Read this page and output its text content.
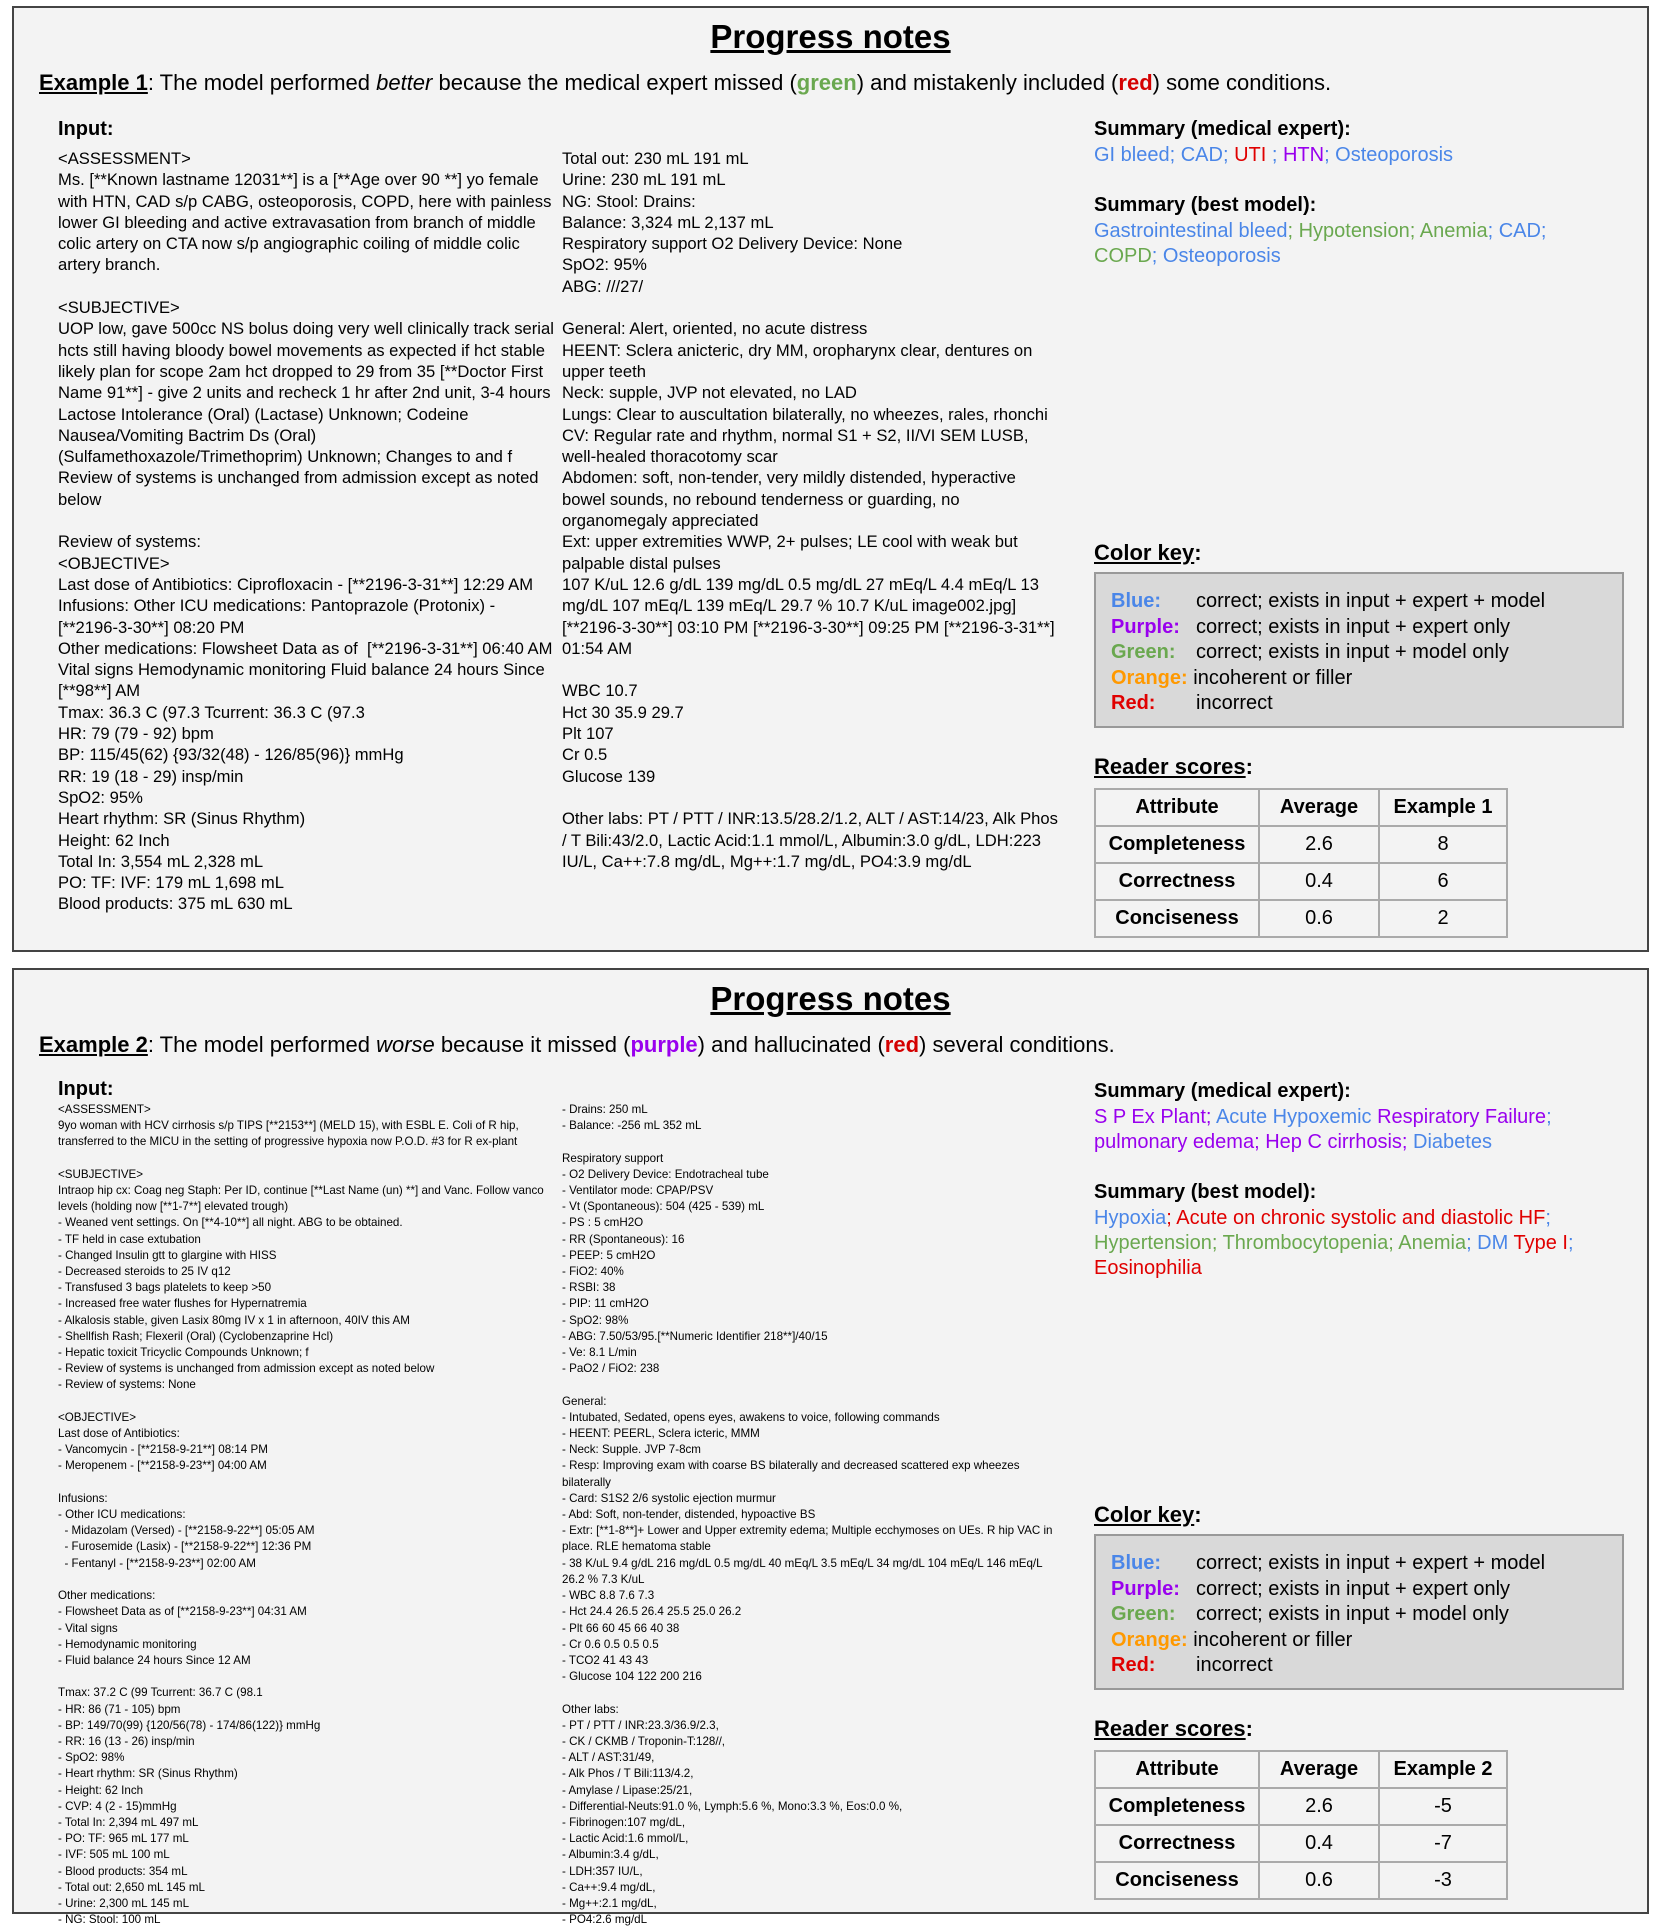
Progress notes
Example 1: The model performed better because the medical expert missed (green) and mistakenly included (red) some conditions.
Input:
<ASSESSMENT>
Ms. [**Known lastname 12031**] is a [**Age over 90 **] yo female with HTN, CAD s/p CABG, osteoporosis, COPD, here with painless lower GI bleeding and active extravasation from branch of middle colic artery on CTA now s/p angiographic coiling of middle colic artery branch.

<SUBJECTIVE>
UOP low, gave 500cc NS bolus doing very well clinically track serial hcts still having bloody bowel movements as expected if hct stable likely plan for scope 2am hct dropped to 29 from 35 [**Doctor First Name 91**] - give 2 units and recheck 1 hr after 2nd unit, 3-4 hours Lactose Intolerance (Oral) (Lactase) Unknown; Codeine Nausea/Vomiting Bactrim Ds (Oral) (Sulfamethoxazole/Trimethoprim) Unknown; Changes to and f Review of systems is unchanged from admission except as noted below

Review of systems:
<OBJECTIVE>
Last dose of Antibiotics: Ciprofloxacin - [**2196-3-31**] 12:29 AM
Infusions: Other ICU medications: Pantoprazole (Protonix) - [**2196-3-30**] 08:20 PM
Other medications: Flowsheet Data as of  [**2196-3-31**] 06:40 AM
Vital signs Hemodynamic monitoring Fluid balance 24 hours Since [**98**] AM
Tmax: 36.3 C (97.3 Tcurrent: 36.3 C (97.3
HR: 79 (79 - 92) bpm
BP: 115/45(62) {93/32(48) - 126/85(96)} mmHg
RR: 19 (18 - 29) insp/min
SpO2: 95%
Heart rhythm: SR (Sinus Rhythm)
Height: 62 Inch
Total In: 3,554 mL 2,328 mL
PO: TF: IVF: 179 mL 1,698 mL
Blood products: 375 mL 630 mL
Total out: 230 mL 191 mL
Urine: 230 mL 191 mL
NG: Stool: Drains:
Balance: 3,324 mL 2,137 mL
Respiratory support O2 Delivery Device: None
SpO2: 95%
ABG: ///27/

General: Alert, oriented, no acute distress
HEENT: Sclera anicteric, dry MM, oropharynx clear, dentures on upper teeth
Neck: supple, JVP not elevated, no LAD
Lungs: Clear to auscultation bilaterally, no wheezes, rales, rhonchi
CV: Regular rate and rhythm, normal S1 + S2, II/VI SEM LUSB, well-healed thoracotomy scar
Abdomen: soft, non-tender, very mildly distended, hyperactive bowel sounds, no rebound tenderness or guarding, no organomegaly appreciated
Ext: upper extremities WWP, 2+ pulses; LE cool with weak but palpable distal pulses
107 K/uL 12.6 g/dL 139 mg/dL 0.5 mg/dL 27 mEq/L 4.4 mEq/L 13 mg/dL 107 mEq/L 139 mEq/L 29.7 % 10.7 K/uL image002.jpg] [**2196-3-30**] 03:10 PM [**2196-3-30**] 09:25 PM [**2196-3-31**] 01:54 AM

WBC 10.7
Hct 30 35.9 29.7
Plt 107
Cr 0.5
Glucose 139

Other labs: PT / PTT / INR:13.5/28.2/1.2, ALT / AST:14/23, Alk Phos / T Bili:43/2.0, Lactic Acid:1.1 mmol/L, Albumin:3.0 g/dL, LDH:223 IU/L, Ca++:7.8 mg/dL, Mg++:1.7 mg/dL, PO4:3.9 mg/dL
Summary (medical expert):
GI bleed; CAD; UTI ; HTN; Osteoporosis
Summary (best model):
Gastrointestinal bleed; Hypotension; Anemia; CAD;
COPD; Osteoporosis
Color key:
Blue: correct; exists in input + expert + model
Purple: correct; exists in input + expert only
Green: correct; exists in input + model only
Orange: incoherent or filler
Red: incorrect
Reader scores:
Attribute	Average	Example 1
Completeness	2.6	8
Correctness	0.4	6
Conciseness	0.6	2
Progress notes
Example 2: The model performed worse because it missed (purple) and hallucinated (red) several conditions.
Input:
<ASSESSMENT>
9yo woman with HCV cirrhosis s/p TIPS [**2153**] (MELD 15), with ESBL E. Coli of R hip, transferred to the MICU in the setting of progressive hypoxia now P.O.D. #3 for R ex-plant

<SUBJECTIVE>
Intraop hip cx: Coag neg Staph: Per ID, continue [**Last Name (un) **] and Vanc. Follow vanco levels (holding now [**1-7**] elevated trough)
- Weaned vent settings. On [**4-10**] all night. ABG to be obtained.
- TF held in case extubation
- Changed Insulin gtt to glargine with HISS
- Decreased steroids to 25 IV q12
- Transfused 3 bags platelets to keep >50
- Increased free water flushes for Hypernatremia
- Alkalosis stable, given Lasix 80mg IV x 1 in afternoon, 40IV this AM
- Shellfish Rash; Flexeril (Oral) (Cyclobenzaprine Hcl)
- Hepatic toxicit Tricyclic Compounds Unknown; f
- Review of systems is unchanged from admission except as noted below
- Review of systems: None

<OBJECTIVE>
Last dose of Antibiotics:
- Vancomycin - [**2158-9-21**] 08:14 PM
- Meropenem - [**2158-9-23**] 04:00 AM

Infusions:
- Other ICU medications:
- Midazolam (Versed) - [**2158-9-22**] 05:05 AM
- Furosemide (Lasix) - [**2158-9-22**] 12:36 PM
- Fentanyl - [**2158-9-23**] 02:00 AM

Other medications:
- Flowsheet Data as of [**2158-9-23**] 04:31 AM
- Vital signs
- Hemodynamic monitoring
- Fluid balance 24 hours Since 12 AM

Tmax: 37.2 C (99 Tcurrent: 36.7 C (98.1
- HR: 86 (71 - 105) bpm
- BP: 149/70(99) {120/56(78) - 174/86(122)} mmHg
- RR: 16 (13 - 26) insp/min
- SpO2: 98%
- Heart rhythm: SR (Sinus Rhythm)
- Height: 62 Inch
- CVP: 4 (2 - 15)mmHg
- Total In: 2,394 mL 497 mL
- PO: TF: 965 mL 177 mL
- IVF: 505 mL 100 mL
- Blood products: 354 mL
- Total out: 2,650 mL 145 mL
- Urine: 2,300 mL 145 mL
- NG: Stool: 100 mL
- Drains: 250 mL
- Balance: -256 mL 352 mL

Respiratory support
- O2 Delivery Device: Endotracheal tube
- Ventilator mode: CPAP/PSV
- Vt (Spontaneous): 504 (425 - 539) mL
- PS : 5 cmH2O
- RR (Spontaneous): 16
- PEEP: 5 cmH2O
- FiO2: 40%
- RSBI: 38
- PIP: 11 cmH2O
- SpO2: 98%
- ABG: 7.50/53/95.[**Numeric Identifier 218**]/40/15
- Ve: 8.1 L/min
- PaO2 / FiO2: 238

General:
- Intubated, Sedated, opens eyes, awakens to voice, following commands
- HEENT: PEERL, Sclera icteric, MMM
- Neck: Supple. JVP 7-8cm
- Resp: Improving exam with coarse BS bilaterally and decreased scattered exp wheezes bilaterally
- Card: S1S2 2/6 systolic ejection murmur
- Abd: Soft, non-tender, distended, hypoactive BS
- Extr: [**1-8**]+ Lower and Upper extremity edema; Multiple ecchymoses on UEs. R hip VAC in place. RLE hematoma stable
- 38 K/uL 9.4 g/dL 216 mg/dL 0.5 mg/dL 40 mEq/L 3.5 mEq/L 34 mg/dL 104 mEq/L 146 mEq/L 26.2 % 7.3 K/uL
- WBC 8.8 7.6 7.3
- Hct 24.4 26.5 26.4 25.5 25.0 26.2
- Plt 66 60 45 66 40 38
- Cr 0.6 0.5 0.5 0.5
- TCO2 41 43 43
- Glucose 104 122 200 216

Other labs:
- PT / PTT / INR:23.3/36.9/2.3,
- CK / CKMB / Troponin-T:128//,
- ALT / AST:31/49,
- Alk Phos / T Bili:113/4.2,
- Amylase / Lipase:25/21,
- Differential-Neuts:91.0 %, Lymph:5.6 %, Mono:3.3 %, Eos:0.0 %,
- Fibrinogen:107 mg/dL,
- Lactic Acid:1.6 mmol/L,
- Albumin:3.4 g/dL,
- LDH:357 IU/L,
- Ca++:9.4 mg/dL,
- Mg++:2.1 mg/dL,
- PO4:2.6 mg/dL
Summary (medical expert):
S P Ex Plant; Acute Hypoxemic Respiratory Failure;
pulmonary edema; Hep C cirrhosis; Diabetes
Summary (best model):
Hypoxia; Acute on chronic systolic and diastolic HF;
Hypertension; Thrombocytopenia; Anemia; DM Type I;
Eosinophilia
Color key:
Blue: correct; exists in input + expert + model
Purple: correct; exists in input + expert only
Green: correct; exists in input + model only
Orange: incoherent or filler
Red: incorrect
Reader scores:
Attribute	Average	Example 2
Completeness	2.6	-5
Correctness	0.4	-7
Conciseness	0.6	-3
